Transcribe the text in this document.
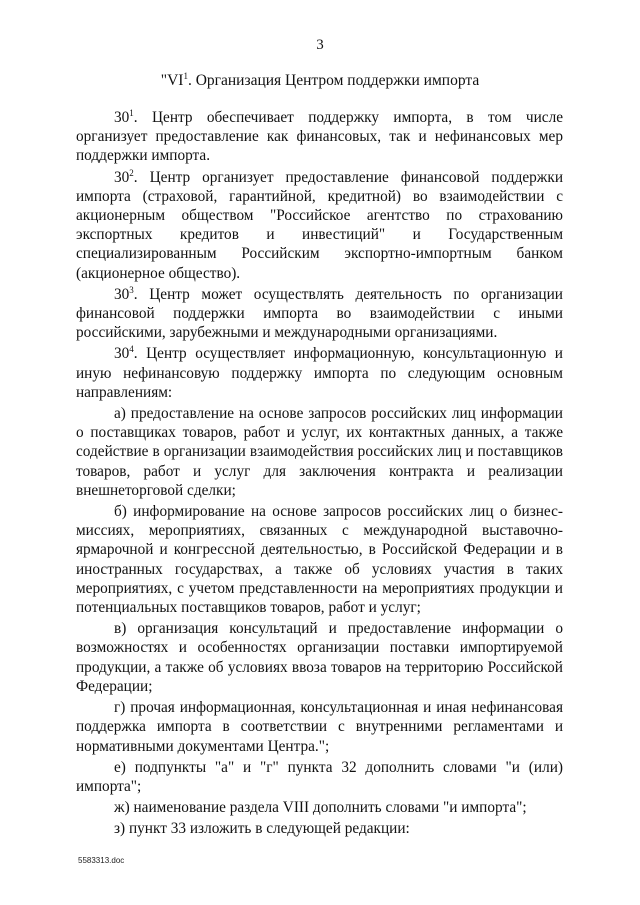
3
"$VI^1$. Организация Центром поддержки импорта

$30^1$. Центр обеспечивает поддержку импорта, в том числе организует предоставление как финансовых, так и нефинансовых мер поддержки импорта.

$30^2$. Центр организует предоставление финансовой поддержки импорта (страховой, гарантийной, кредитной) во взаимодействии с акционерным обществом "Российское агентство по страхованию экспортных кредитов и инвестиций" и Государственным специализированным Российским экспортно-импортным банком (акционерное общество).

$30^3$. Центр может осуществлять деятельность по организации финансовой поддержки импорта во взаимодействии с иными российскими, зарубежными и международными организациями.

$30^4$. Центр осуществляет информационную, консультационную и иную нефинансовую поддержку импорта по следующим основным направлениям:

а) предоставление на основе запросов российских лиц информации о поставщиках товаров, работ и услуг, их контактных данных, а также содействие в организации взаимодействия российских лиц и поставщиков товаров, работ и услуг для заключения контракта и реализации внешнеторговой сделки;

б) информирование на основе запросов российских лиц о бизнес-миссиях, мероприятиях, связанных с международной выставочно-ярмарочной и конгрессной деятельностью, в Российской Федерации и в иностранных государствах, а также об условиях участия в таких мероприятиях, с учетом представленности на мероприятиях продукции и потенциальных поставщиков товаров, работ и услуг;

в) организация консультаций и предоставление информации о возможностях и особенностях организации поставки импортируемой продукции, а также об условиях ввоза товаров на территорию Российской Федерации;

г) прочая информационная, консультационная и иная нефинансовая поддержка импорта в соответствии с внутренними регламентами и нормативными документами Центра.";

е) подпункты "а" и "г" пункта 32 дополнить словами "и (или) импорта";

ж) наименование раздела VIII дополнить словами "и импорта";

з) пункт 33 изложить в следующей редакции:

5583313.doc
